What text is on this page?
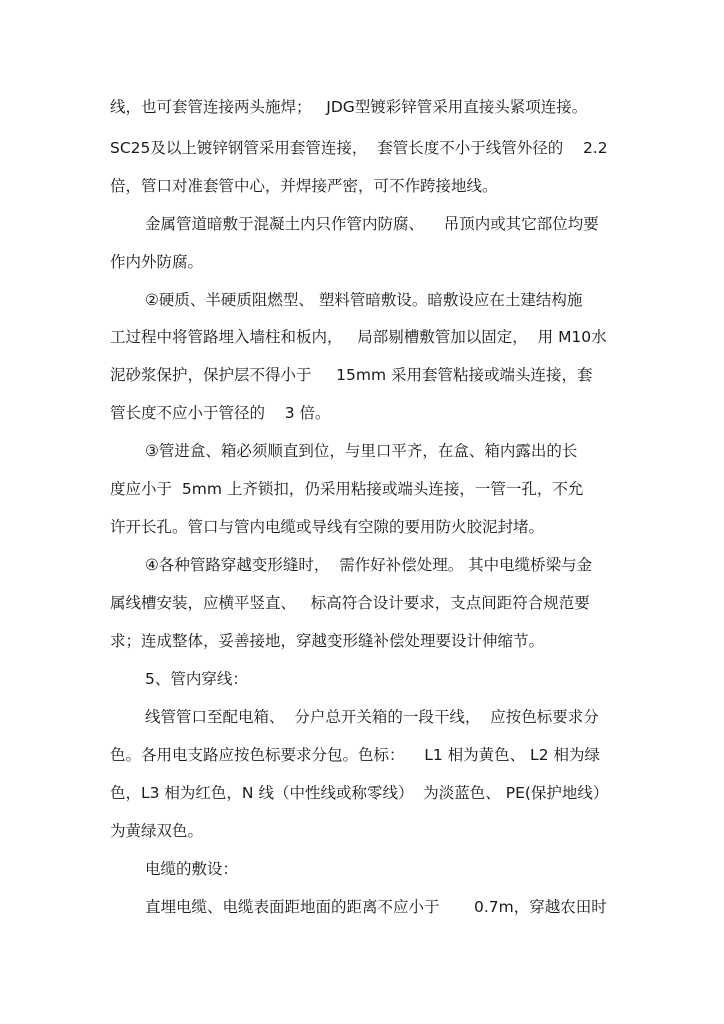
线，也可套管连接两头施焊；   JDG型镀彩锌管采用直接头紧项连接。
SC25及以上镀锌钢管采用套管连接，  套管长度不小于线管外径的    2.2
倍，管口对准套管中心，并焊接严密，可不作跨接地线。
金属管道暗敷于混凝土内只作管内防腐、    吊顶内或其它部位均要
作内外防腐。
②硬质、半硬质阻燃型、 塑料管暗敷设。暗敷设应在土建结构施
工过程中将管路埋入墙柱和板内，   局部剔槽敷管加以固定，  用 M10水
泥砂浆保护，保护层不得小于     15mm 采用套管粘接或端头连接，套
管长度不应小于管径的    3 倍。
③管进盒、箱必须顺直到位，与里口平齐，在盒、箱内露出的长
度应小于  5mm 上齐锁扣，仍采用粘接或端头连接，一管一孔，不允
许开长孔。管口与管内电缆或导线有空隙的要用防火胶泥封堵。
④各种管路穿越变形缝时，  需作好补偿处理。 其中电缆桥梁与金
属线槽安装，应横平竖直、   标高符合设计要求，支点间距符合规范要
求；连成整体，妥善接地，穿越变形缝补偿处理要设计伸缩节。
5、管内穿线：
线管管口至配电箱、  分户总开关箱的一段干线，  应按色标要求分
色。各用电支路应按色标要求分包。色标：    L1 相为黄色、 L2 相为绿
色，L3 相为红色，N 线（中性线或称零线）  为淡蓝色、 PE(保护地线）
为黄绿双色。
电缆的敷设：
直埋电缆、电缆表面距地面的距离不应小于       0.7m，穿越农田时
